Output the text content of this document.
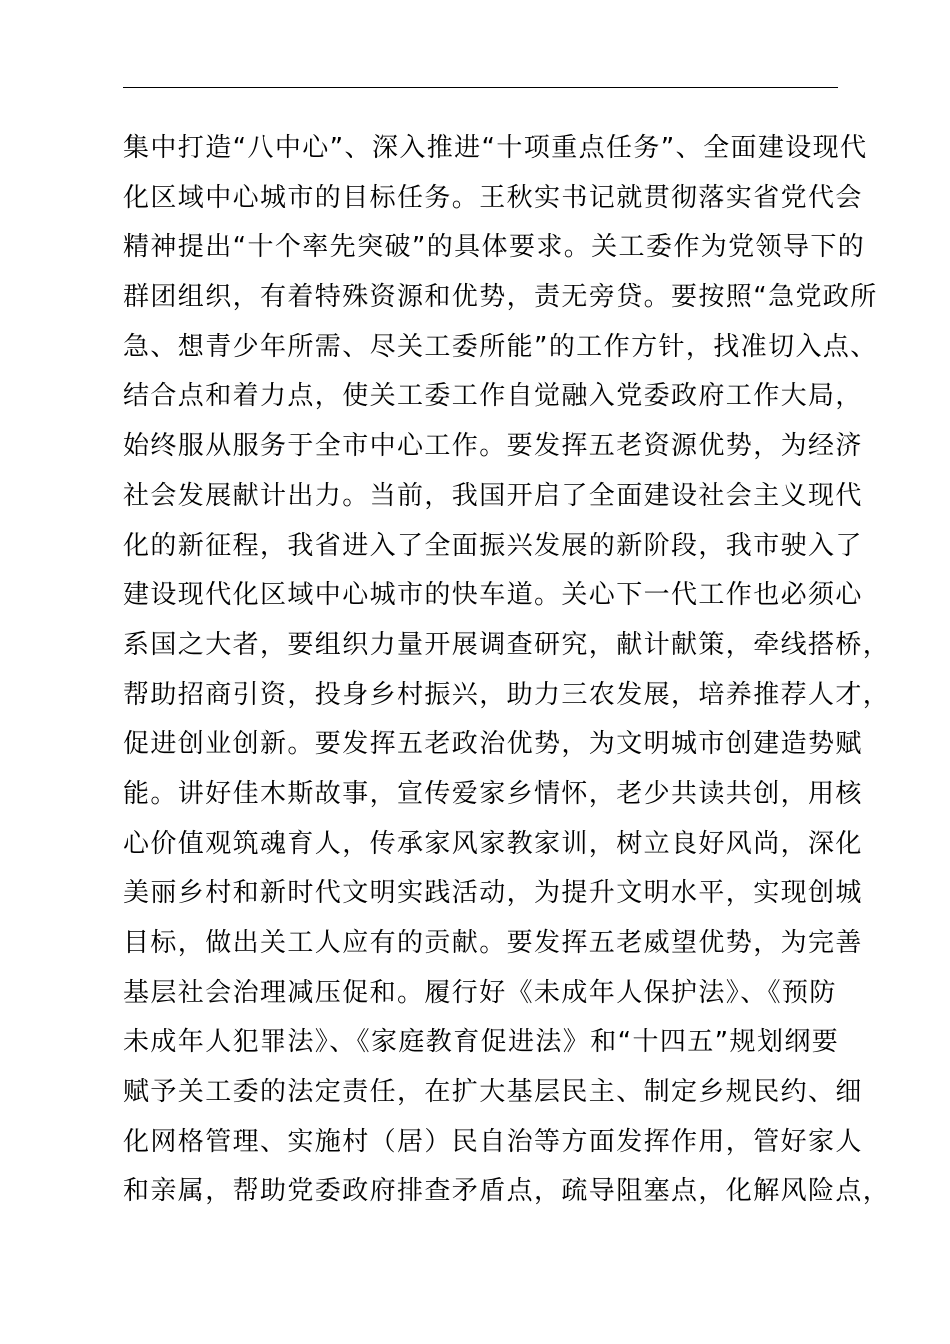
集中打造“八中心”、深入推进“十项重点任务”、全面建设现代
化区域中心城市的目标任务。王秋实书记就贯彻落实省党代会
精神提出“十个率先突破”的具体要求。关工委作为党领导下的
群团组织，有着特殊资源和优势，责无旁贷。要按照“急党政所
急、想青少年所需、尽关工委所能”的工作方针，找准切入点、
结合点和着力点，使关工委工作自觉融入党委政府工作大局，
始终服从服务于全市中心工作。要发挥五老资源优势，为经济
社会发展献计出力。当前，我国开启了全面建设社会主义现代
化的新征程，我省进入了全面振兴发展的新阶段，我市驶入了
建设现代化区域中心城市的快车道。关心下一代工作也必须心
系国之大者，要组织力量开展调查研究，献计献策，牵线搭桥，
帮助招商引资，投身乡村振兴，助力三农发展，培养推荐人才，
促进创业创新。要发挥五老政治优势，为文明城市创建造势赋
能。讲好佳木斯故事，宣传爱家乡情怀，老少共读共创，用核
心价值观筑魂育人，传承家风家教家训，树立良好风尚，深化
美丽乡村和新时代文明实践活动，为提升文明水平，实现创城
目标，做出关工人应有的贡献。要发挥五老威望优势，为完善
基层社会治理减压促和。履行好《未成年人保护法》、《预防
未成年人犯罪法》、《家庭教育促进法》和“十四五”规划纲要
赋予关工委的法定责任，在扩大基层民主、制定乡规民约、细
化网格管理、实施村（居）民自治等方面发挥作用，管好家人
和亲属，帮助党委政府排查矛盾点，疏导阻塞点，化解风险点，
